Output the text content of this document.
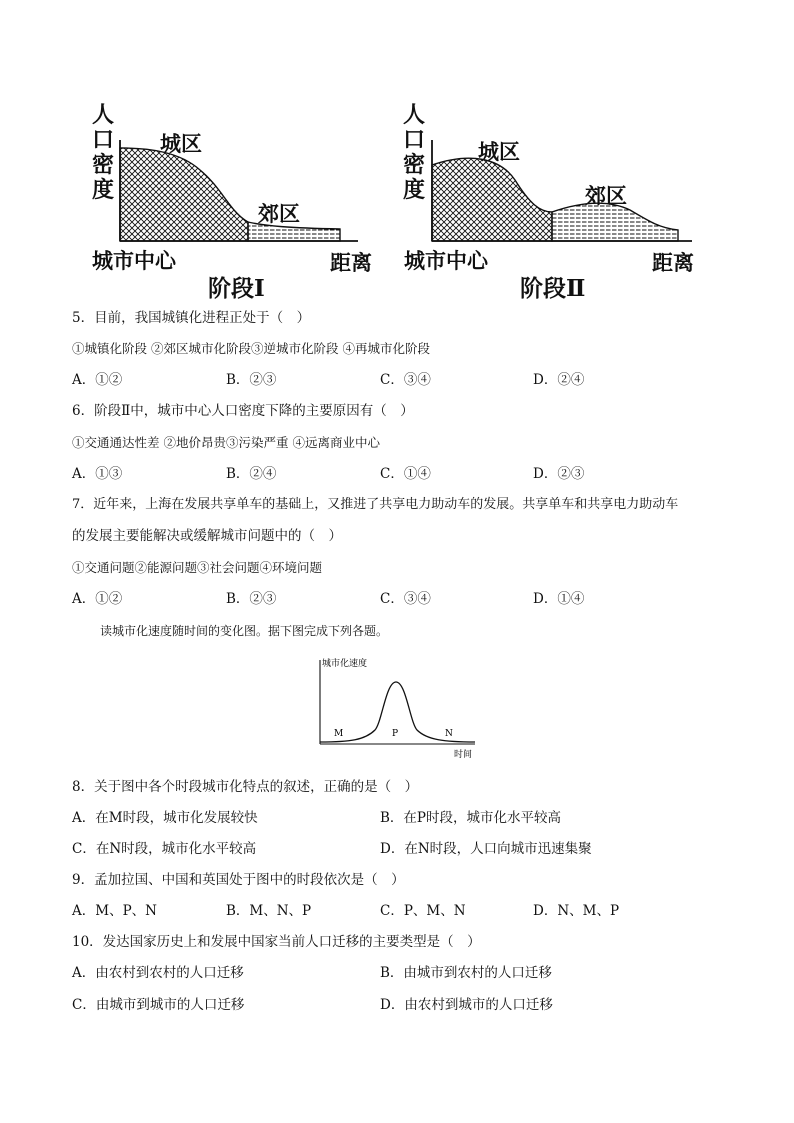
人口密度
城区
郊区
城市中心	距离
阶段Ⅰ
人口密度
城区
郊区
城市中心	距离
阶段Ⅱ
5．目前，我国城镇化进程正处于（　）
①城镇化阶段 ②郊区城市化阶段③逆城市化阶段 ④再城市化阶段
A．①②	B．②③	C．③④	D．②④
6．阶段Ⅱ中，城市中心人口密度下降的主要原因有（　）
①交通通达性差 ②地价昂贵③污染严重 ④远离商业中心
A．①③	B．②④	C．①④	D．②③
7．近年来，上海在发展共享单车的基础上，又推进了共享电力助动车的发展。共享单车和共享电力助动车
的发展主要能解决或缓解城市问题中的（　）
①交通问题②能源问题③社会问题④环境问题
A．①②	B．②③	C．③④	D．①④
读城市化速度随时间的变化图。据下图完成下列各题。
城市化速度
时间
M	P	N
8．关于图中各个时段城市化特点的叙述，正确的是（　）
A．在M时段，城市化发展较快	B．在P时段，城市化水平较高
C．在N时段，城市化水平较高	D．在N时段，人口向城市迅速集聚
9．孟加拉国、中国和英国处于图中的时段依次是（　）
A．M、P、N	B．M、N、P	C．P、M、N	D．N、M、P
10．发达国家历史上和发展中国家当前人口迁移的主要类型是（　）
A．由农村到农村的人口迁移	B．由城市到农村的人口迁移
C．由城市到城市的人口迁移	D．由农村到城市的人口迁移
